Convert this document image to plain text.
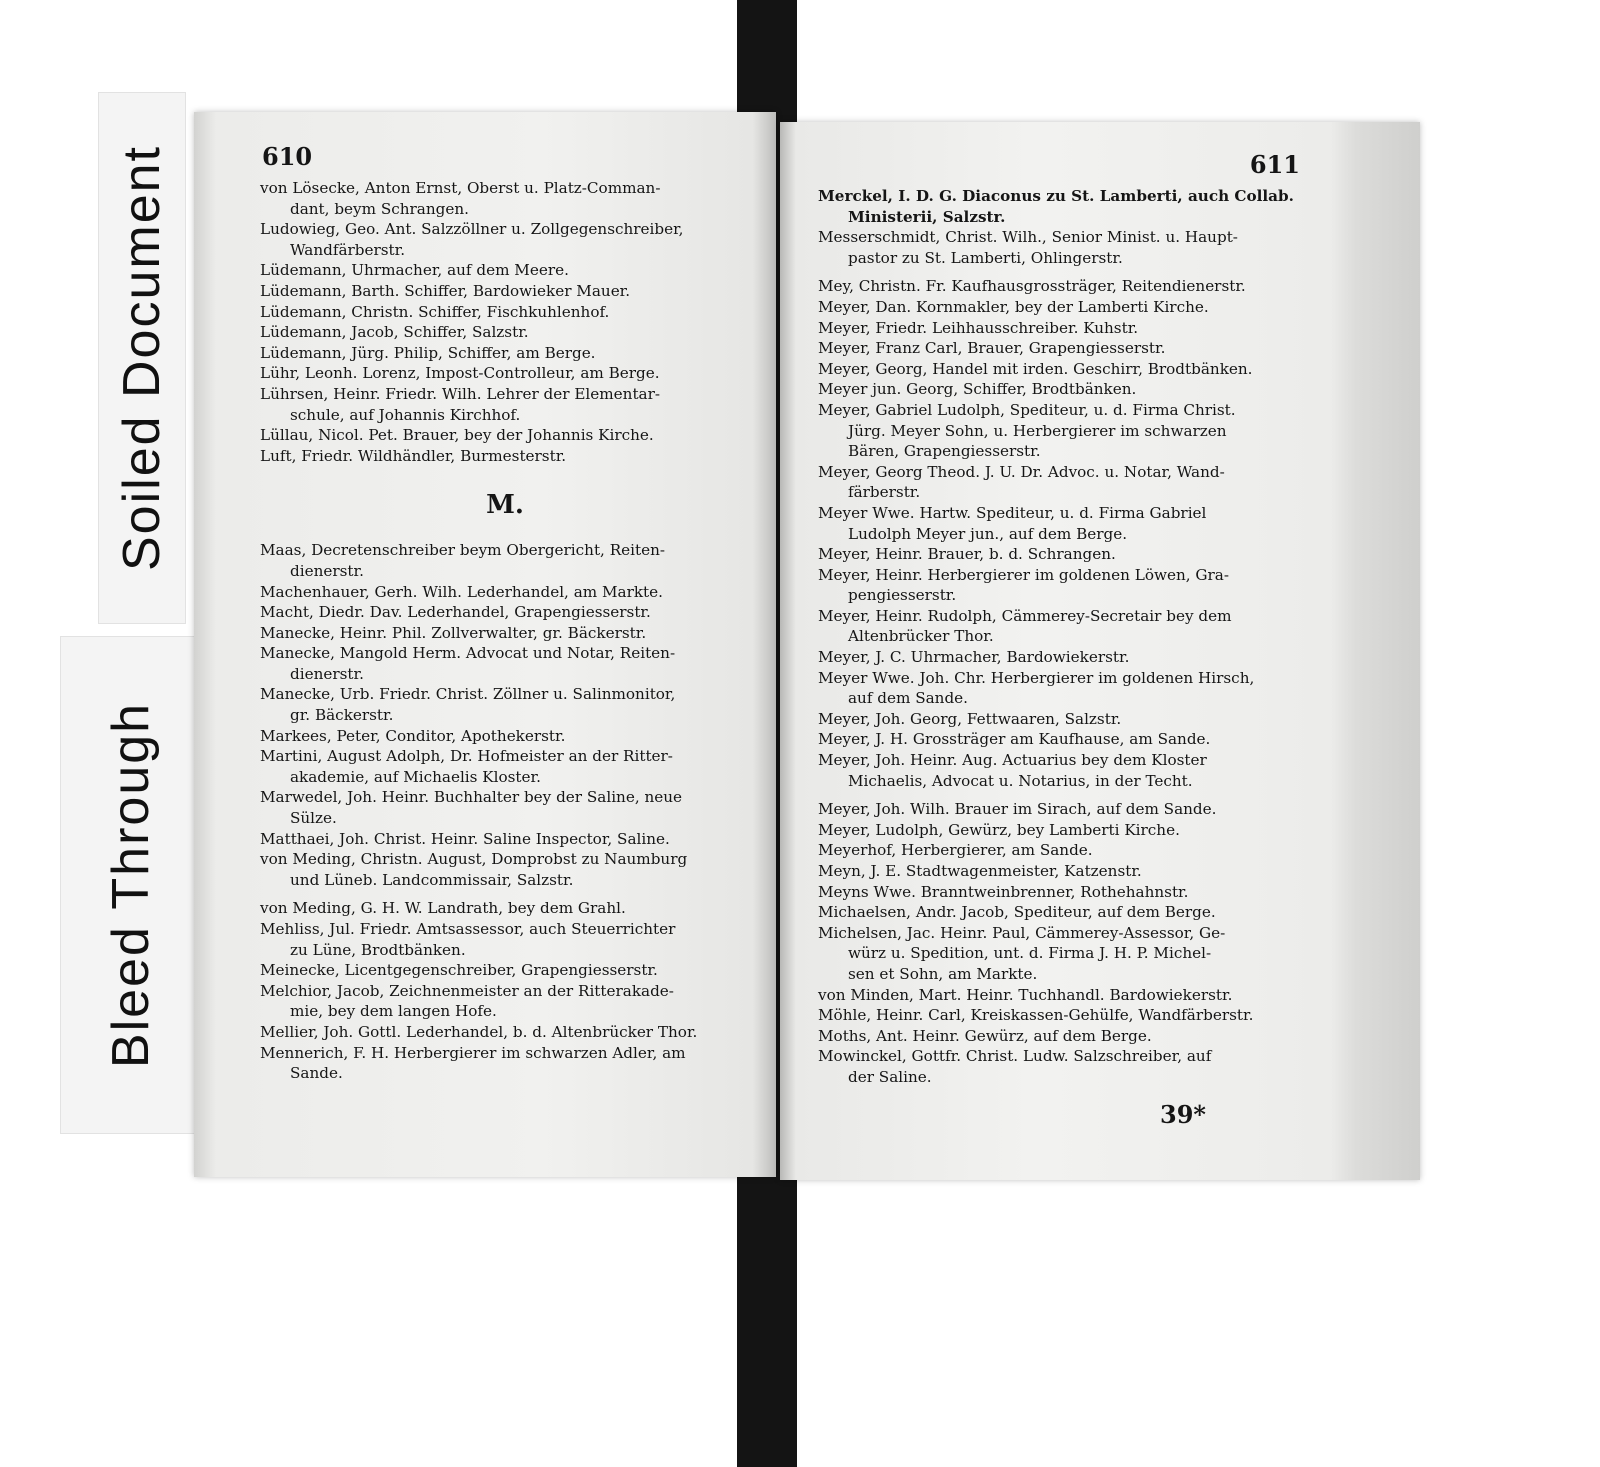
Soiled Document
Bleed Through
610

von Lösecke, Anton Ernst, Oberst u. Platz-Comman-
dant, beym Schrangen.

Ludowieg, Geo. Ant. Salzzöllner u. Zollgegenschreiber,
Wandfärberstr.

Lüdemann, Uhrmacher, auf dem Meere.

Lüdemann, Barth. Schiffer, Bardowieker Mauer.

Lüdemann, Christn. Schiffer, Fischkuhlenhof.

Lüdemann, Jacob, Schiffer, Salzstr.

Lüdemann, Jürg. Philip, Schiffer, am Berge.

Lühr, Leonh. Lorenz, Impost-Controlleur, am Berge.

Lührsen, Heinr. Friedr. Wilh. Lehrer der Elementar-
schule, auf Johannis Kirchhof.

Lüllau, Nicol. Pet. Brauer, bey der Johannis Kirche.

Luft, Friedr. Wildhändler, Burmesterstr.

M.

Maas, Decretenschreiber beym Obergericht, Reiten-
dienerstr.

Machenhauer, Gerh. Wilh. Lederhandel, am Markte.

Macht, Diedr. Dav. Lederhandel, Grapengiesserstr.

Manecke, Heinr. Phil. Zollverwalter, gr. Bäckerstr.

Manecke, Mangold Herm. Advocat und Notar, Reiten-
dienerstr.

Manecke, Urb. Friedr. Christ. Zöllner u. Salinmonitor,
gr. Bäckerstr.

Markees, Peter, Conditor, Apothekerstr.

Martini, August Adolph, Dr. Hofmeister an der Ritter-
akademie, auf Michaelis Kloster.

Marwedel, Joh. Heinr. Buchhalter bey der Saline, neue
Sülze.

Matthaei, Joh. Christ. Heinr. Saline Inspector, Saline.

von Meding, Christn. August, Domprobst zu Naumburg
und Lüneb. Landcommissair, Salzstr.

von Meding, G. H. W. Landrath, bey dem Grahl.

Mehliss, Jul. Friedr. Amtsassessor, auch Steuerrichter
zu Lüne, Brodtbänken.

Meinecke, Licentgegenschreiber, Grapengiesserstr.

Melchior, Jacob, Zeichnenmeister an der Ritterakade-
mie, bey dem langen Hofe.

Mellier, Joh. Gottl. Lederhandel, b. d. Altenbrücker Thor.

Mennerich, F. H. Herbergierer im schwarzen Adler, am
Sande.

611

Merckel, I. D. G. Diaconus zu St. Lamberti, auch Collab.
Ministerii, Salzstr.

Messerschmidt, Christ. Wilh., Senior Minist. u. Haupt-
pastor zu St. Lamberti, Ohlingerstr.

Mey, Christn. Fr. Kaufhausgrossträger, Reitendienerstr.

Meyer, Dan. Kornmakler, bey der Lamberti Kirche.

Meyer, Friedr. Leihhausschreiber. Kuhstr.

Meyer, Franz Carl, Brauer, Grapengiesserstr.

Meyer, Georg, Handel mit irden. Geschirr, Brodtbänken.

Meyer jun. Georg, Schiffer, Brodtbänken.

Meyer, Gabriel Ludolph, Spediteur, u. d. Firma Christ.
Jürg. Meyer Sohn, u. Herbergierer im schwarzen
Bären, Grapengiesserstr.

Meyer, Georg Theod. J. U. Dr. Advoc. u. Notar, Wand-
färberstr.

Meyer Wwe. Hartw. Spediteur, u. d. Firma Gabriel
Ludolph Meyer jun., auf dem Berge.

Meyer, Heinr. Brauer, b. d. Schrangen.

Meyer, Heinr. Herbergierer im goldenen Löwen, Gra-
pengiesserstr.

Meyer, Heinr. Rudolph, Cämmerey-Secretair bey dem
Altenbrücker Thor.

Meyer, J. C. Uhrmacher, Bardowiekerstr.

Meyer Wwe. Joh. Chr. Herbergierer im goldenen Hirsch,
auf dem Sande.

Meyer, Joh. Georg, Fettwaaren, Salzstr.

Meyer, J. H. Grossträger am Kaufhause, am Sande.

Meyer, Joh. Heinr. Aug. Actuarius bey dem Kloster
Michaelis, Advocat u. Notarius, in der Techt.

Meyer, Joh. Wilh. Brauer im Sirach, auf dem Sande.

Meyer, Ludolph, Gewürz, bey Lamberti Kirche.

Meyerhof, Herbergierer, am Sande.

Meyn, J. E. Stadtwagenmeister, Katzenstr.

Meyns Wwe. Branntweinbrenner, Rothehahnstr.

Michaelsen, Andr. Jacob, Spediteur, auf dem Berge.

Michelsen, Jac. Heinr. Paul, Cämmerey-Assessor, Ge-
würz u. Spedition, unt. d. Firma J. H. P. Michel-
sen et Sohn, am Markte.

von Minden, Mart. Heinr. Tuchhandl. Bardowiekerstr.

Möhle, Heinr. Carl, Kreiskassen-Gehülfe, Wandfärberstr.

Moths, Ant. Heinr. Gewürz, auf dem Berge.

Mowinckel, Gottfr. Christ. Ludw. Salzschreiber, auf
der Saline.

39*
